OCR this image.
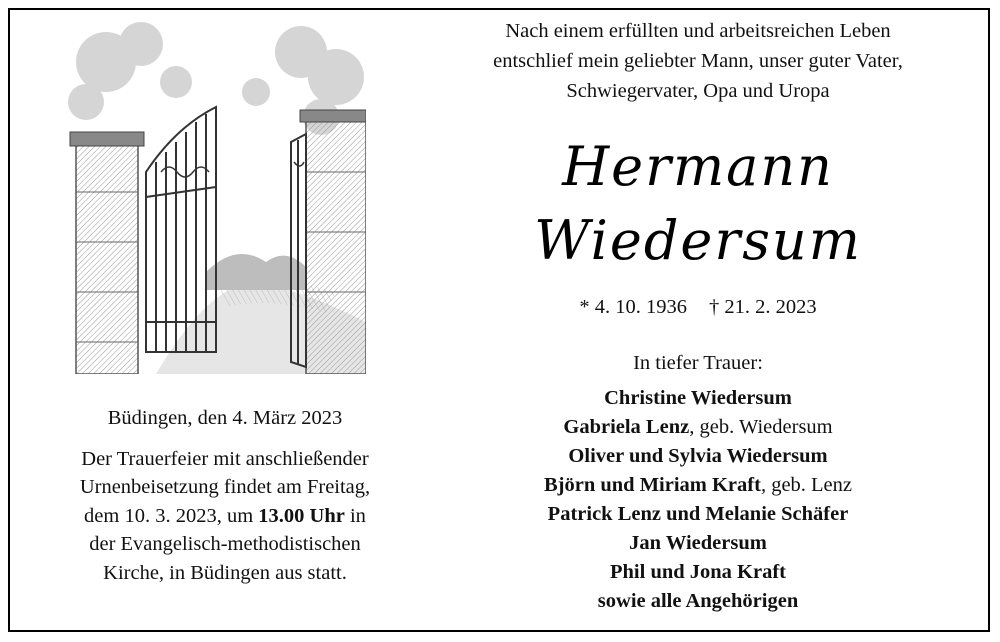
Büdingen, den 4. März 2023
Der Trauerfeier mit anschließender
Urnenbeisetzung findet am Freitag,
dem 10. 3. 2023, um 13.00 Uhr in
der Evangelisch-methodistischen
Kirche, in Büdingen aus statt.
Nach einem erfüllten und arbeitsreichen Leben
entschlief mein geliebter Mann, unser guter Vater,
Schwiegervater, Opa und Uropa
Hermann
Wiedersum
* 4. 10. 1936 † 21. 2. 2023
In tiefer Trauer:
Christine Wiedersum
Gabriela Lenz, geb. Wiedersum
Oliver und Sylvia Wiedersum
Björn und Miriam Kraft, geb. Lenz
Patrick Lenz und Melanie Schäfer
Jan Wiedersum
Phil und Jona Kraft
sowie alle Angehörigen
